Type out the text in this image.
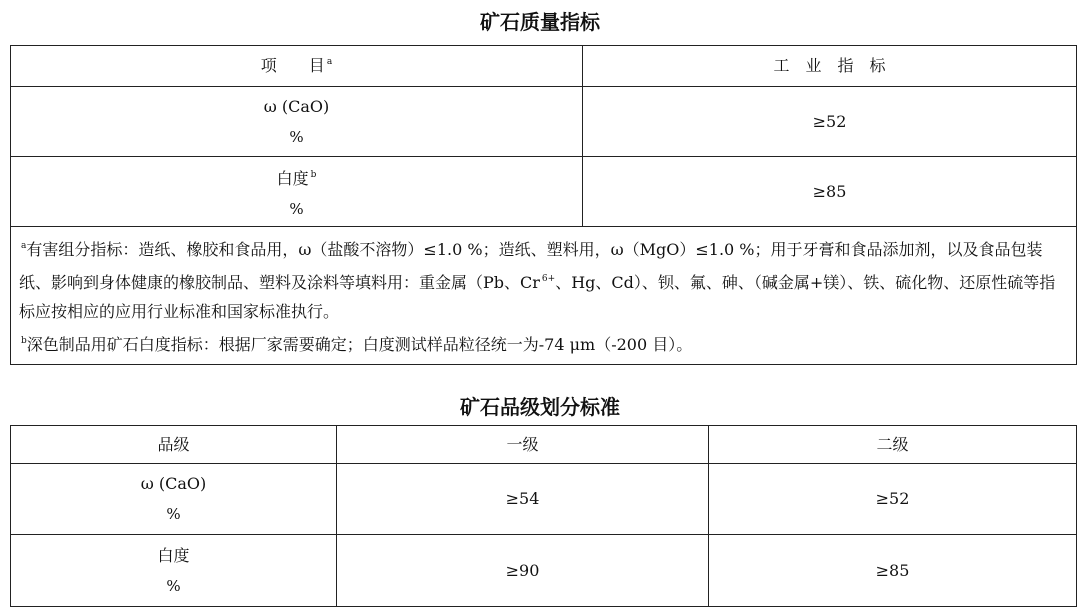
矿石质量指标
项　　目 $^a$	工　业　指　标

ω (CaO)
%	≥52

白度 $^b$
%	≥85
$^a$有害组分指标：造纸、橡胶和食品用，ω（盐酸不溶物）≤1.0 %；造纸、塑料用，ω（MgO）≤1.0 %；用于牙膏和食品添加剂，以及食品包装纸、影响到身体健康的橡胶制品、塑料及涂料等填料用：重金属（Pb、Cr $^{6+}$、Hg、Cd）、钡、氟、砷、（碱金属+镁）、铁、硫化物、还原性硫等指标应按相应的应用行业标准和国家标准执行。
$^b$深色制品用矿石白度指标：根据厂家需要确定；白度测试样品粒径统一为-74 μm（-200 目）。	
矿石品级划分标准
品级	一级	二级

ω (CaO)
%	≥54	≥52

白度
%	≥90	≥85
